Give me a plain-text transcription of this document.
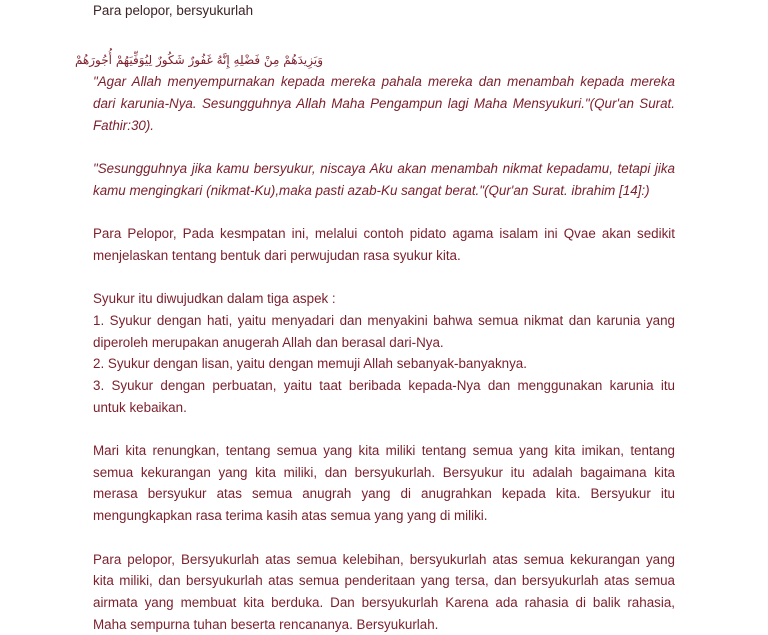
Para pelopor, bersyukurlah
وَيَزِيدَهُمْ مِنْ فَضْلِهِ إِنَّهُ غَفُورٌ شَكُورٌ لِيُوَفِّيَهُمْ أُجُورَهُمْ
"Agar Allah menyempurnakan kepada mereka pahala mereka dan menambah kepada mereka
dari karunia-Nya. Sesungguhnya Allah Maha Pengampun lagi Maha Mensyukuri."(Qur'an Surat.
Fathir:30).
"Sesungguhnya jika kamu bersyukur, niscaya Aku akan menambah nikmat kepadamu, tetapi jika
kamu mengingkari (nikmat-Ku),maka pasti azab-Ku sangat berat."(Qur'an Surat. ibrahim [14]:)
Para Pelopor, Pada kesmpatan ini, melalui contoh pidato agama isalam ini Qvae akan sedikit
menjelaskan tentang bentuk dari perwujudan rasa syukur kita.
Syukur itu diwujudkan dalam tiga aspek :
1. Syukur dengan hati, yaitu menyadari dan menyakini bahwa semua nikmat dan karunia yang
diperoleh merupakan anugerah Allah dan berasal dari-Nya.
2. Syukur dengan lisan, yaitu dengan memuji Allah sebanyak-banyaknya.
3. Syukur dengan perbuatan, yaitu taat beribada kepada-Nya dan menggunakan karunia itu
untuk kebaikan.
Mari kita renungkan, tentang semua yang kita miliki tentang semua yang kita imikan, tentang
semua kekurangan yang kita miliki, dan bersyukurlah. Bersyukur itu adalah bagaimana kita
merasa bersyukur atas semua anugrah yang di anugrahkan kepada kita. Bersyukur itu
mengungkapkan rasa terima kasih atas semua yang yang di miliki.
Para pelopor, Bersyukurlah atas semua kelebihan, bersyukurlah atas semua kekurangan yang
kita miliki, dan bersyukurlah atas semua penderitaan yang tersa, dan bersyukurlah atas semua
airmata yang membuat kita berduka. Dan bersyukurlah Karena ada rahasia di balik rahasia,
Maha sempurna tuhan beserta rencananya. Bersyukurlah.
